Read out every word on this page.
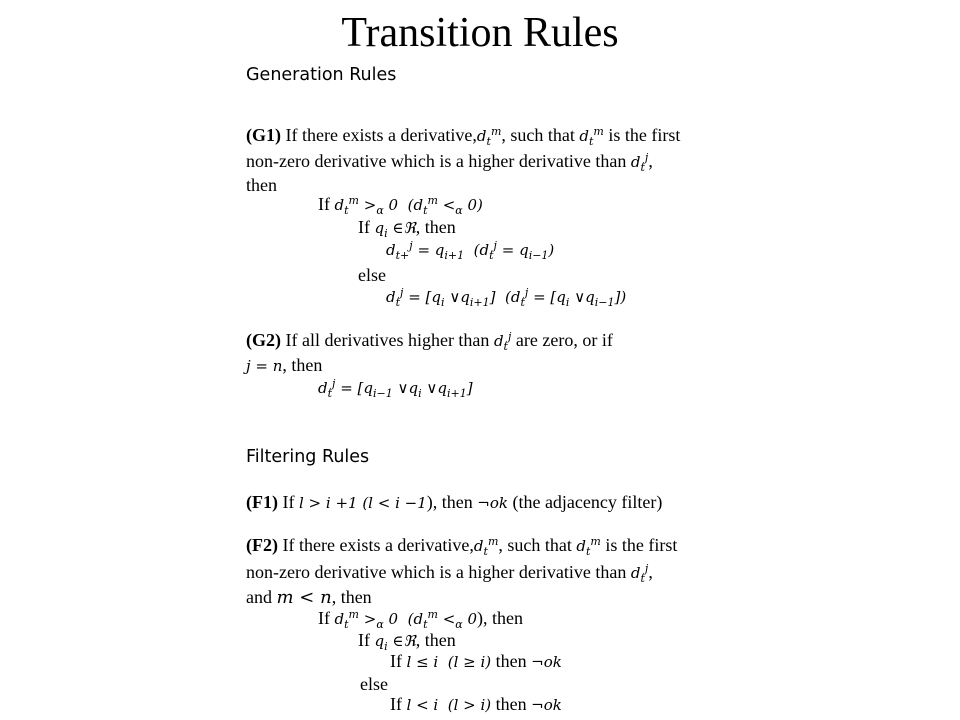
Transition Rules
Generation Rules
(G1) If there exists a $derivative,d_t^m$, such that $d_t^m$ is the first
non-zero derivative which is a higher derivative than $d_t^j$,
then
If $d_t^m >_\alpha$ 0  ($d_t^m <_\alpha$ 0)
If $q_i$ ∈ℜ, then
$d_{t+}^j = q_{i+1}$  $(d_t^j = q_{i-1})$
else
$d_t^j = [q_i$ $\vee q_{i+1}$]  ($d_t^j = [q_i$ $\vee q_{i-1}$])
(G2) If all derivatives higher than $d_t^j$ are zero, or if
j = n, then
$d_t^j = [q_{i-1}$ $\vee q_i$ $\vee q_{i+1}$]
Filtering Rules
(F1) If l > i +1 (l < i −1), then ¬ok (the adjacency filter)
(F2) If there exists a $derivative,d_t^m$, such that $d_t^m$ is the first
non-zero derivative which is a higher derivative than $d_t^j$,
and m < n, then
If $d_t^m >_\alpha$ 0  ($d_t^m <_\alpha$ 0), then
If $q_i$ ∈ℜ, then
If l ≤ i  (l ≥ i) then ¬ok
else
If l < i  (l > i) then ¬ok
